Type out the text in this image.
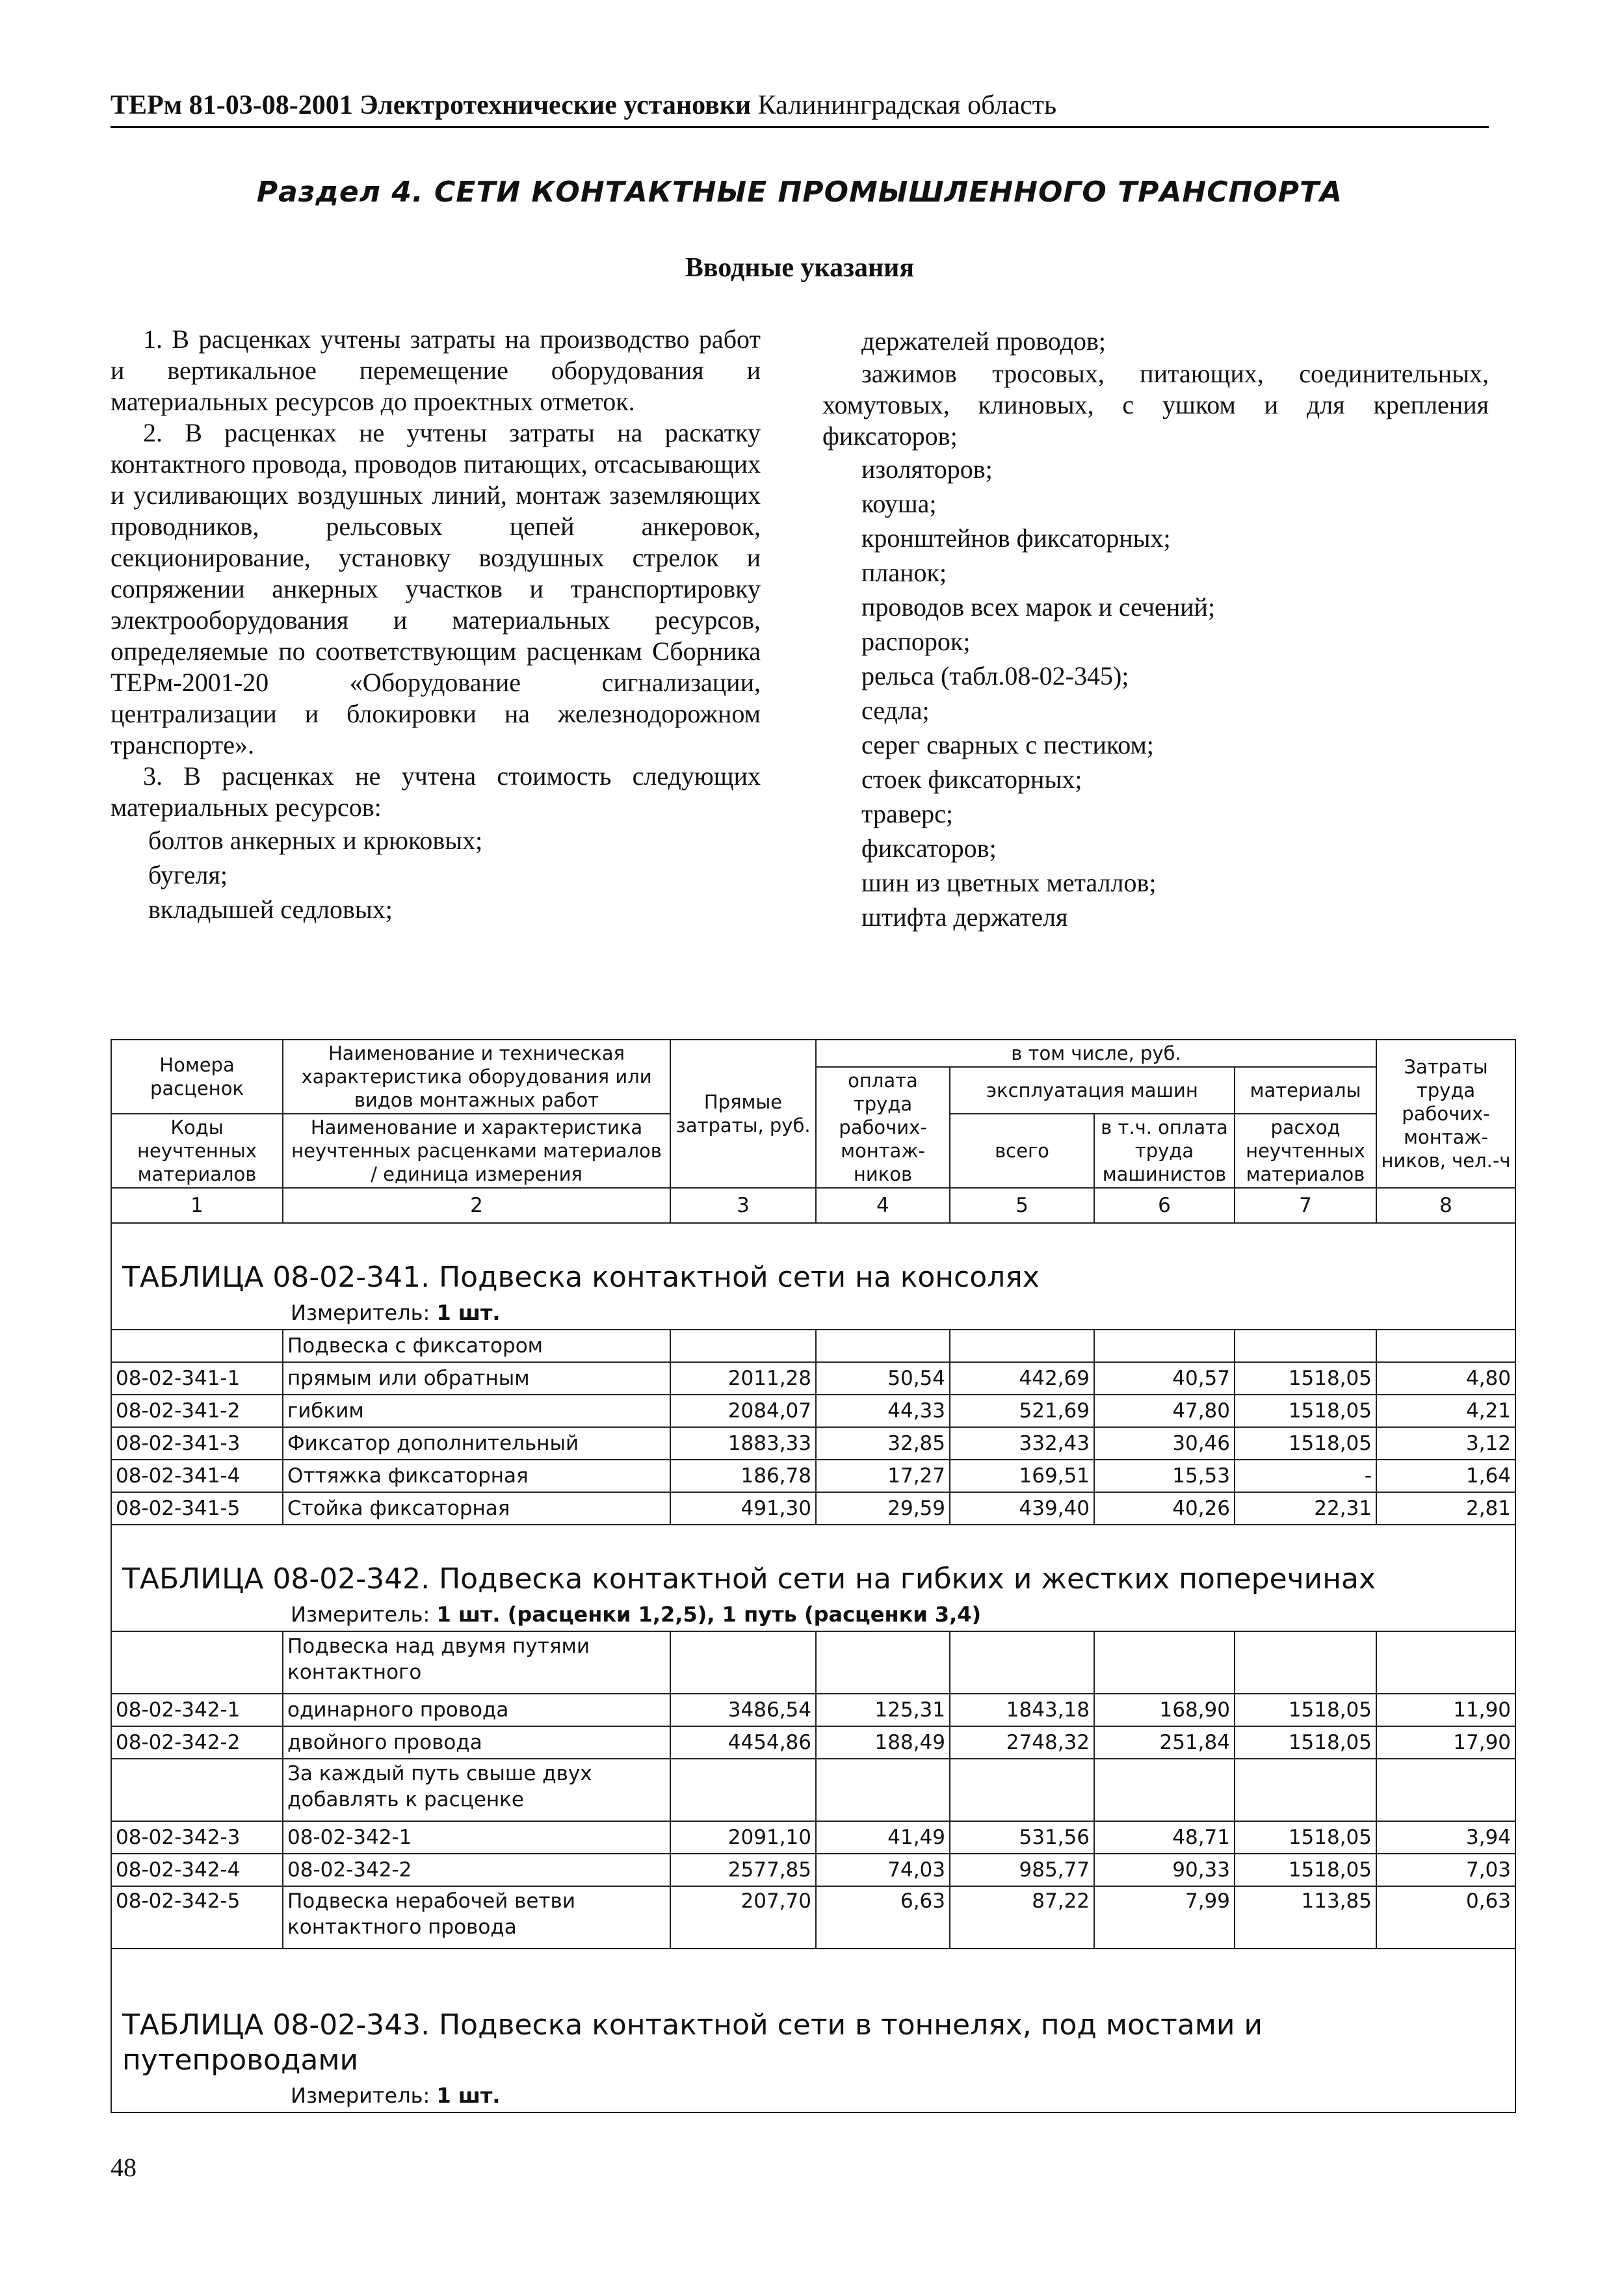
ТЕРм 81-03-08-2001 Электротехнические установки Калининградская область
Раздел 4. СЕТИ КОНТАКТНЫЕ ПРОМЫШЛЕННОГО ТРАНСПОРТА
Вводные указания

1. В расценках учтены затраты на производство работ и вертикальное перемещение оборудования и материальных ресурсов до проектных отметок.

2. В расценках не учтены затраты на раскатку контактного провода, проводов питающих, отсасывающих и усиливающих воздушных линий, монтаж заземляющих проводников, рельсовых цепей анкеровок, секционирование, установку воздушных стрелок и сопряжении анкерных участков и транспортировку электрооборудования и материальных ресурсов, определяемые по соответствующим расценкам Сборника ТЕРм-2001-20 «Оборудование сигнализации, централизации и блокировки на железнодорожном транспорте».

3. В расценках не учтена стоимость следующих материальных ресурсов:

болтов анкерных и крюковых;

бугеля;

вкладышей седловых;

держателей проводов;

зажимов тросовых, питающих, соединительных, хомутовых, клиновых, с ушком и для крепления фиксаторов;

изоляторов;

коуша;

кронштейнов фиксаторных;

планок;

проводов всех марок и сечений;

распорок;

рельса (табл.08-02-345);

седла;

серег сварных с пестиком;

стоек фиксаторных;

траверс;

фиксаторов;

шин из цветных металлов;

штифта держателя

Номера расценок	Наименование и техническая характеристика оборудования или видов монтажных работ	Прямые затраты, руб.	в том числе, руб.				Затраты труда рабочих-монтаж-ников, чел.-ч
			оплата труда рабочих-монтаж-ников	эксплуатация машин		материалы	
Коды неучтенных материалов	Наименование и характеристика неучтенных расценками материалов / единица измерения			всего	в т.ч. оплата труда машинистов	расход неучтенных материалов	

1	2	3	4	5	6	7	8
ТАБЛИЦА 08-02-341. Подвеска контактной сети на консолях							
Измеритель: 1 шт.							
	Подвеска с фиксатором						
08-02-341-1	прямым или обратным	2011,28	50,54	442,69	40,57	1518,05	4,80
08-02-341-2	гибким	2084,07	44,33	521,69	47,80	1518,05	4,21
08-02-341-3	Фиксатор дополнительный	1883,33	32,85	332,43	30,46	1518,05	3,12
08-02-341-4	Оттяжка фиксаторная	186,78	17,27	169,51	15,53	-	1,64
08-02-341-5	Стойка фиксаторная	491,30	29,59	439,40	40,26	22,31	2,81
ТАБЛИЦА 08-02-342. Подвеска контактной сети на гибких и жестких поперечинах							
Измеритель: 1 шт. (расценки 1,2,5), 1 путь (расценки 3,4)							
	Подвеска над двумя путями контактного						
08-02-342-1	одинарного провода	3486,54	125,31	1843,18	168,90	1518,05	11,90
08-02-342-2	двойного провода	4454,86	188,49	2748,32	251,84	1518,05	17,90
	За каждый путь свыше двух добавлять к расценке						
08-02-342-3	08-02-342-1	2091,10	41,49	531,56	48,71	1518,05	3,94
08-02-342-4	08-02-342-2	2577,85	74,03	985,77	90,33	1518,05	7,03
08-02-342-5	Подвеска нерабочей ветви контактного провода	207,70	6,63	87,22	7,99	113,85	0,63
ТАБЛИЦА 08-02-343. Подвеска контактной сети в тоннелях, под мостами и путепроводами							
Измеритель: 1 шт.							
48
